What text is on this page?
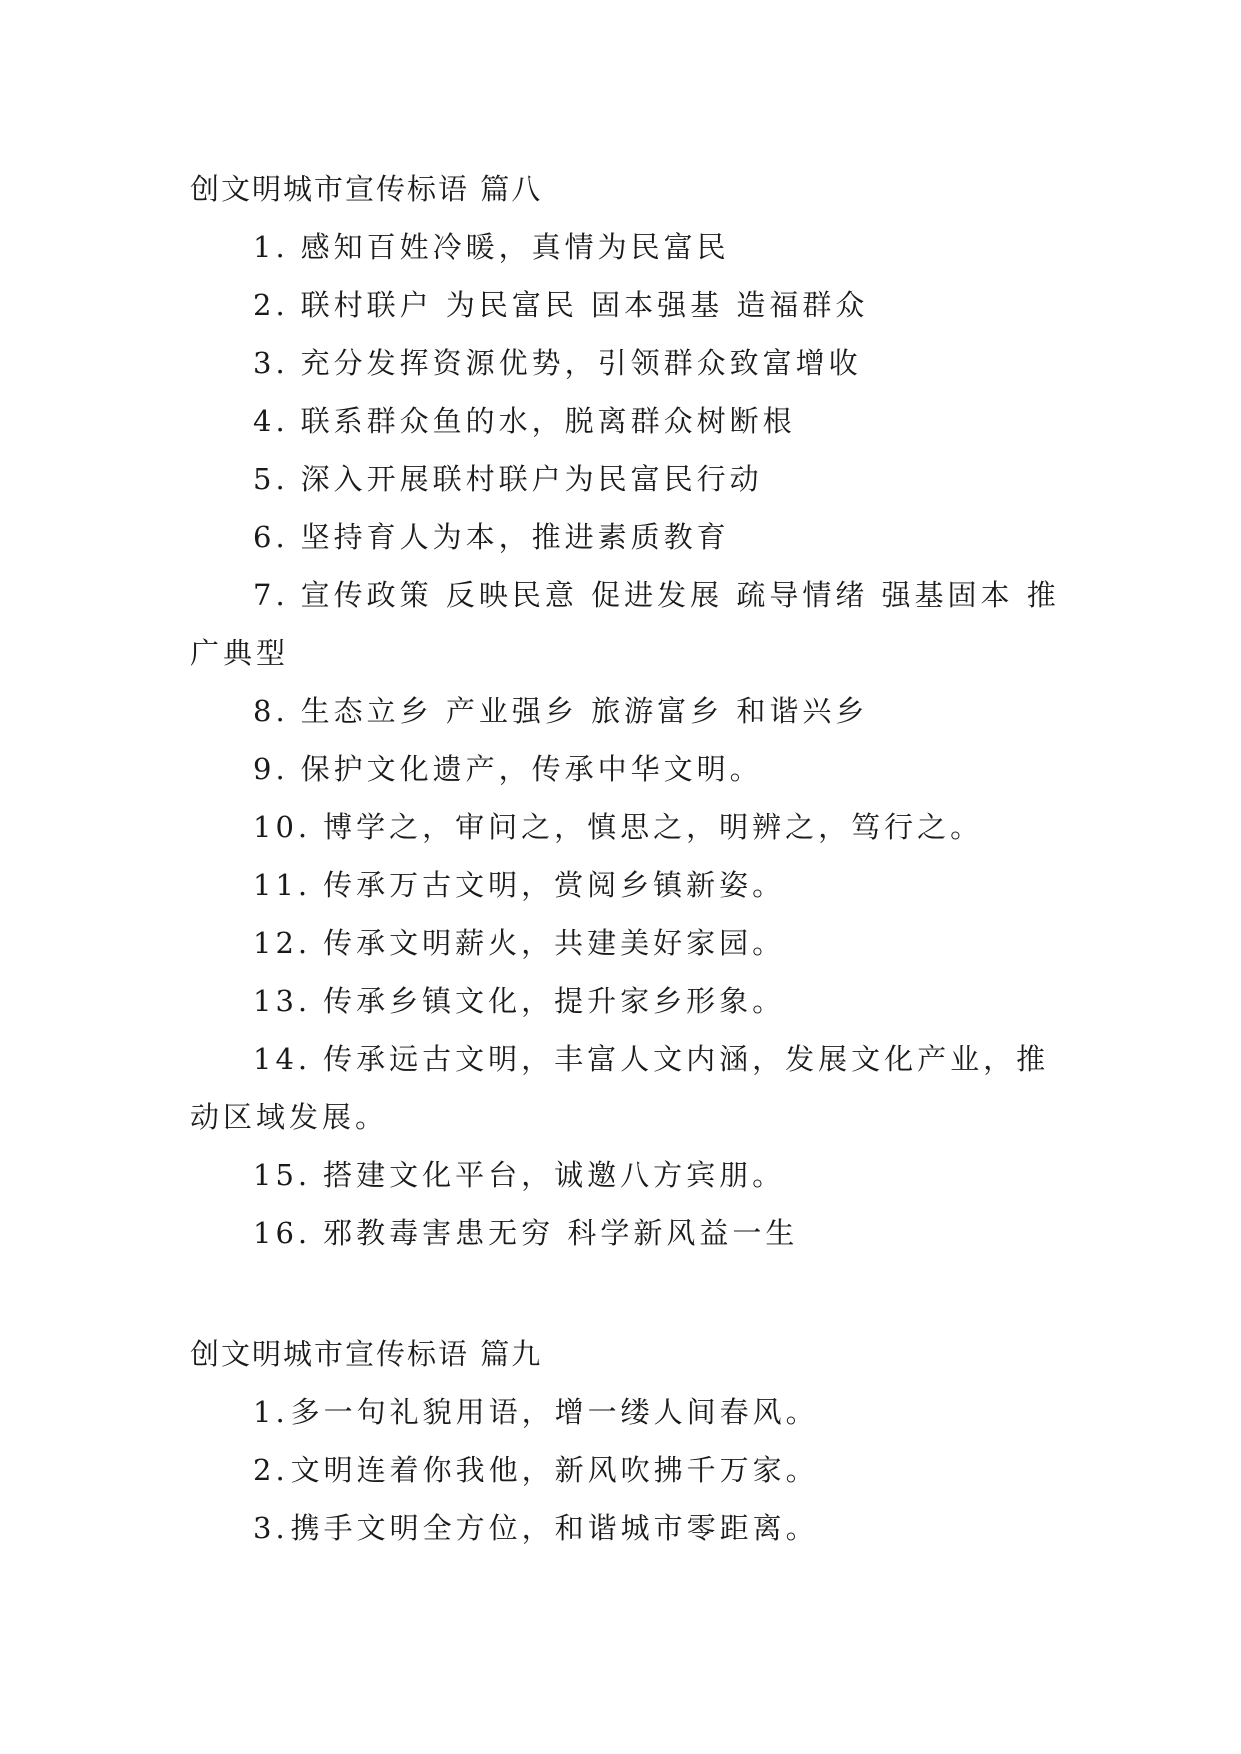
创文明城市宣传标语 篇八
1. 感知百姓冷暖，真情为民富民
2. 联村联户 为民富民 固本强基 造福群众
3. 充分发挥资源优势，引领群众致富增收
4. 联系群众鱼的水，脱离群众树断根
5. 深入开展联村联户为民富民行动
6. 坚持育人为本，推进素质教育
7. 宣传政策 反映民意 促进发展 疏导情绪 强基固本 推广典型
8. 生态立乡 产业强乡 旅游富乡 和谐兴乡
9. 保护文化遗产，传承中华文明。
10. 博学之，审问之，慎思之，明辨之，笃行之。
11. 传承万古文明，赏阅乡镇新姿。
12. 传承文明薪火，共建美好家园。
13. 传承乡镇文化，提升家乡形象。
14. 传承远古文明，丰富人文内涵，发展文化产业，推动区域发展。
15. 搭建文化平台，诚邀八方宾朋。
16. 邪教毒害患无穷 科学新风益一生
创文明城市宣传标语 篇九
1.多一句礼貌用语，增一缕人间春风。
2.文明连着你我他，新风吹拂千万家。
3.携手文明全方位，和谐城市零距离。
